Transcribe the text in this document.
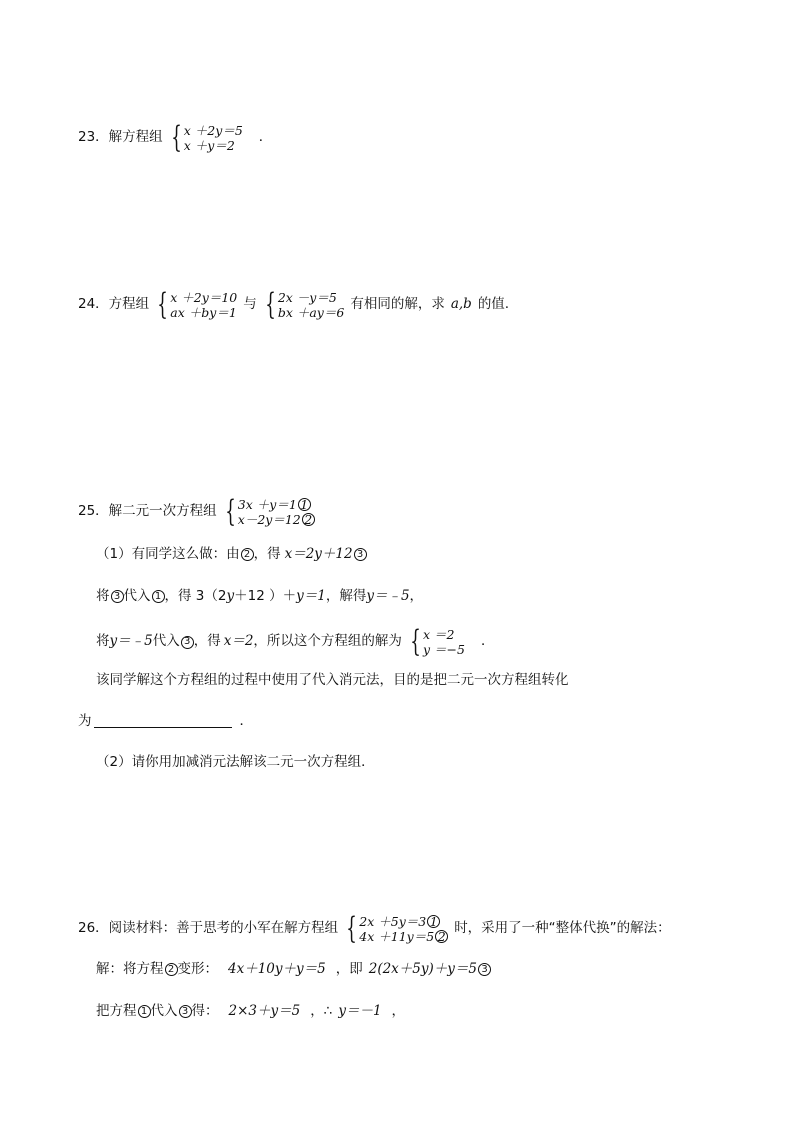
23．解方程组 { x ＋2y＝5
x ＋y＝2
．
24．方程组 { x ＋2y＝10
ax ＋by＝1
与 { 2x －y＝5
bx ＋ay＝6
有相同的解，求 a,b 的值.
25．解二元一次方程组 { 3x ＋y＝1 1
x－2y＝12 2
（1）有同学这么做：由 2 ，得 x＝2y＋12 3
将 3 代入 1 ，得 3（2 y ＋12 ）＋ y＝1 ，解得 y＝﹣5 ，
将 y＝﹣5 代入 3 ，得 x＝2 ，所以这个方程组的解为 { x ＝2
y ＝−5
．
该同学解这个方程组的过程中使用了代入消元法，目的是把二元一次方程组转化
为	．
（2）请你用加减消元法解该二元一次方程组．
26．阅读材料：善于思考的小军在解方程组 { 2x ＋5y＝3 1
4x ＋11y＝5 2
时，采用了一种“整体代换”的解法：
解：将方程 2 变形： 4x＋10y＋y＝5 ，即 2(2x＋5y)＋y＝5 3
把方程 1 代入 3 得： 2×3＋y＝5 ，∴ y＝－1 ，
